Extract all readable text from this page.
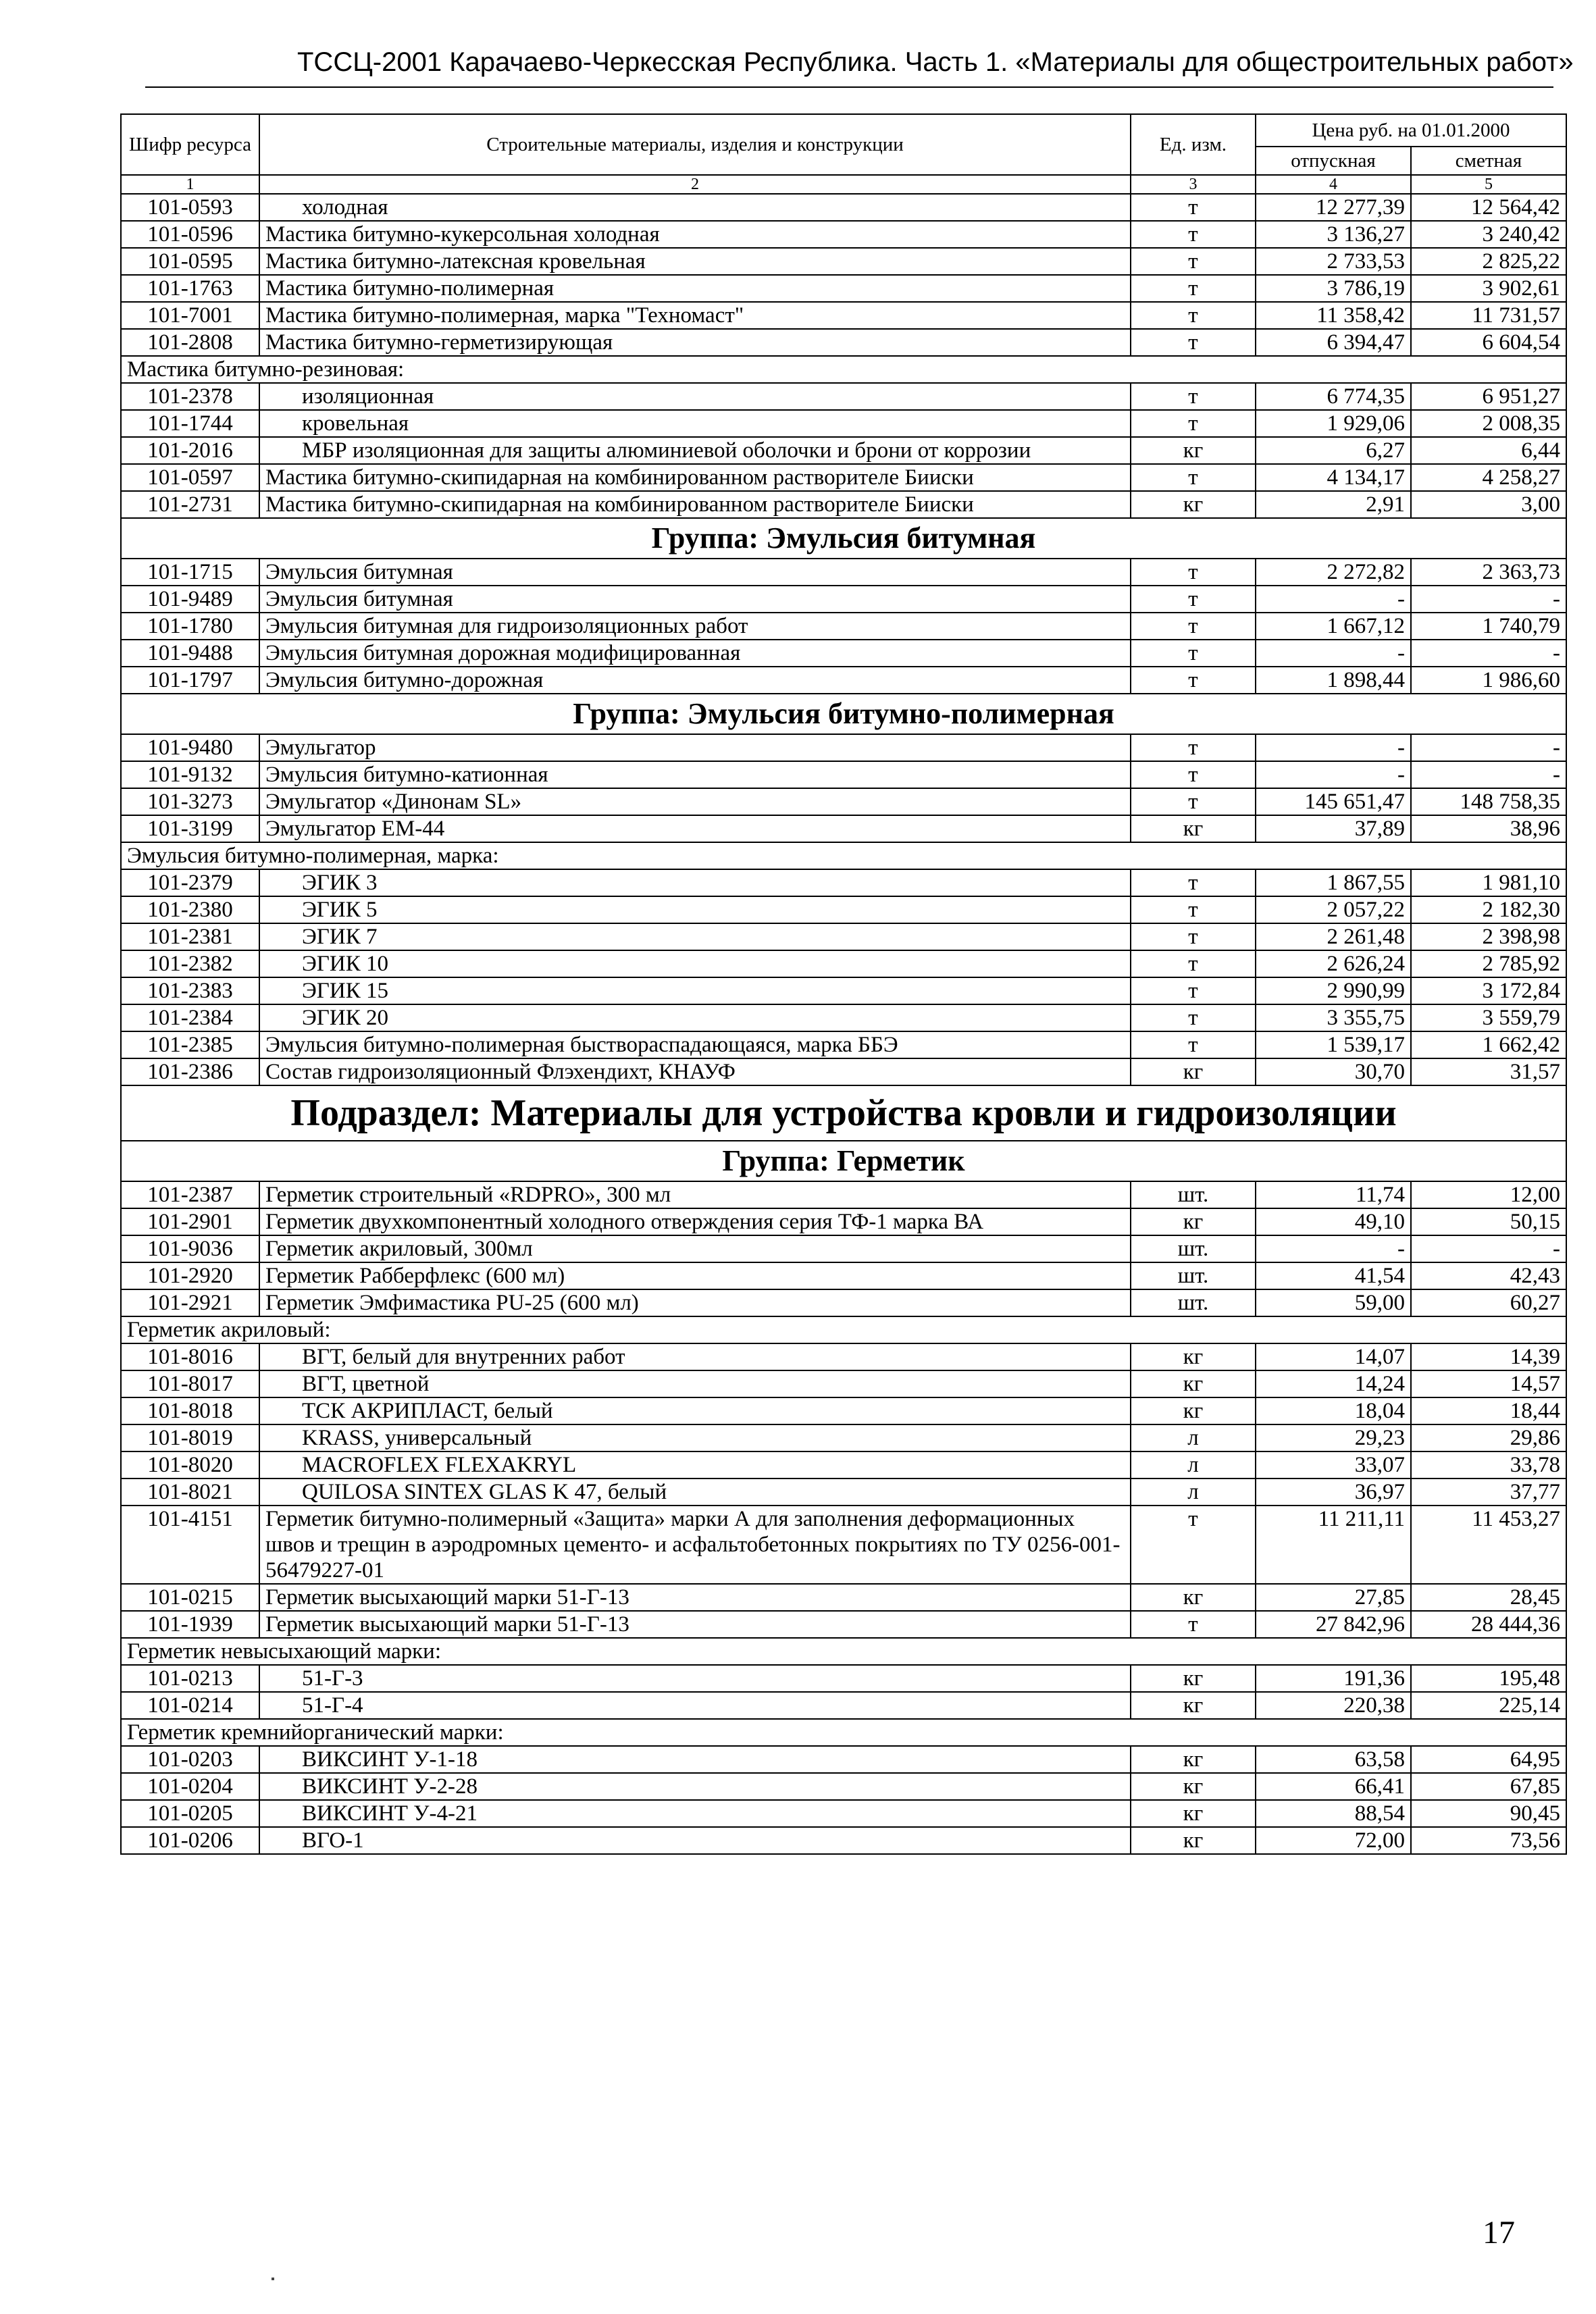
ТССЦ-2001 Карачаево-Черкесская Республика. Часть 1. «Материалы для общестроительных работ»
Шифр ресурса	Строительные материалы, изделия и конструкции	Ед. изм.	Цена руб. на 01.01.2000	
			отпускная	сметная
1	2	3	4	5
101-0593	холодная	т	12 277,39	12 564,42
101-0596	Мастика битумно-кукерсольная холодная	т	3 136,27	3 240,42
101-0595	Мастика битумно-латексная кровельная	т	2 733,53	2 825,22
101-1763	Мастика битумно-полимерная	т	3 786,19	3 902,61
101-7001	Мастика битумно-полимерная, марка "Техномаст"	т	11 358,42	11 731,57
101-2808	Мастика битумно-герметизирующая	т	6 394,47	6 604,54
Мастика битумно-резиновая:				
101-2378	изоляционная	т	6 774,35	6 951,27
101-1744	кровельная	т	1 929,06	2 008,35
101-2016	МБР изоляционная для защиты алюминиевой оболочки и брони от коррозии	кг	6,27	6,44
101-0597	Мастика битумно-скипидарная на комбинированном растворителе Бииски	т	4 134,17	4 258,27
101-2731	Мастика битумно-скипидарная на комбинированном растворителе Бииски	кг	2,91	3,00
Группа: Эмульсия битумная				
101-1715	Эмульсия битумная	т	2 272,82	2 363,73
101-9489	Эмульсия битумная	т	-	-
101-1780	Эмульсия битумная для гидроизоляционных работ	т	1 667,12	1 740,79
101-9488	Эмульсия битумная дорожная модифицированная	т	-	-
101-1797	Эмульсия битумно-дорожная	т	1 898,44	1 986,60
Группа: Эмульсия битумно-полимерная				
101-9480	Эмульгатор	т	-	-
101-9132	Эмульсия битумно-катионная	т	-	-
101-3273	Эмульгатор «Динонам SL»	т	145 651,47	148 758,35
101-3199	Эмульгатор ЕМ-44	кг	37,89	38,96
Эмульсия битумно-полимерная, марка:				
101-2379	ЭГИК 3	т	1 867,55	1 981,10
101-2380	ЭГИК 5	т	2 057,22	2 182,30
101-2381	ЭГИК 7	т	2 261,48	2 398,98
101-2382	ЭГИК 10	т	2 626,24	2 785,92
101-2383	ЭГИК 15	т	2 990,99	3 172,84
101-2384	ЭГИК 20	т	3 355,75	3 559,79
101-2385	Эмульсия битумно-полимерная быствораспадающаяся, марка ББЭ	т	1 539,17	1 662,42
101-2386	Состав гидроизоляционный Флэхендихт, КНАУФ	кг	30,70	31,57
Подраздел: Материалы для устройства кровли и гидроизоляции				
Группа: Герметик				
101-2387	Герметик строительный «RDPRO», 300 мл	шт.	11,74	12,00
101-2901	Герметик двухкомпонентный холодного отверждения серия ТФ-1 марка ВА	кг	49,10	50,15
101-9036	Герметик акриловый, 300мл	шт.	-	-
101-2920	Герметик Рабберфлекс (600 мл)	шт.	41,54	42,43
101-2921	Герметик Эмфимастика PU-25 (600 мл)	шт.	59,00	60,27
Герметик акриловый:				
101-8016	ВГТ, белый для внутренних работ	кг	14,07	14,39
101-8017	ВГТ, цветной	кг	14,24	14,57
101-8018	ТСК АКРИПЛАСТ, белый	кг	18,04	18,44
101-8019	KRASS, универсальный	л	29,23	29,86
101-8020	MACROFLEX FLEXAKRYL	л	33,07	33,78
101-8021	QUILOSA SINTEX GLAS K 47, белый	л	36,97	37,77
101-4151	Герметик битумно-полимерный «Защита» марки А для заполнения деформационных швов и трещин в аэродромных цементо- и асфальтобетонных покрытиях по ТУ 0256-001-56479227-01	т	11 211,11	11 453,27
101-0215	Герметик высыхающий марки 51-Г-13	кг	27,85	28,45
101-1939	Герметик высыхающий марки 51-Г-13	т	27 842,96	28 444,36
Герметик невысыхающий марки:				
101-0213	51-Г-3	кг	191,36	195,48
101-0214	51-Г-4	кг	220,38	225,14
Герметик кремнийорганический марки:				
101-0203	ВИКСИНТ У-1-18	кг	63,58	64,95
101-0204	ВИКСИНТ У-2-28	кг	66,41	67,85
101-0205	ВИКСИНТ У-4-21	кг	88,54	90,45
101-0206	ВГО-1	кг	72,00	73,56
17
